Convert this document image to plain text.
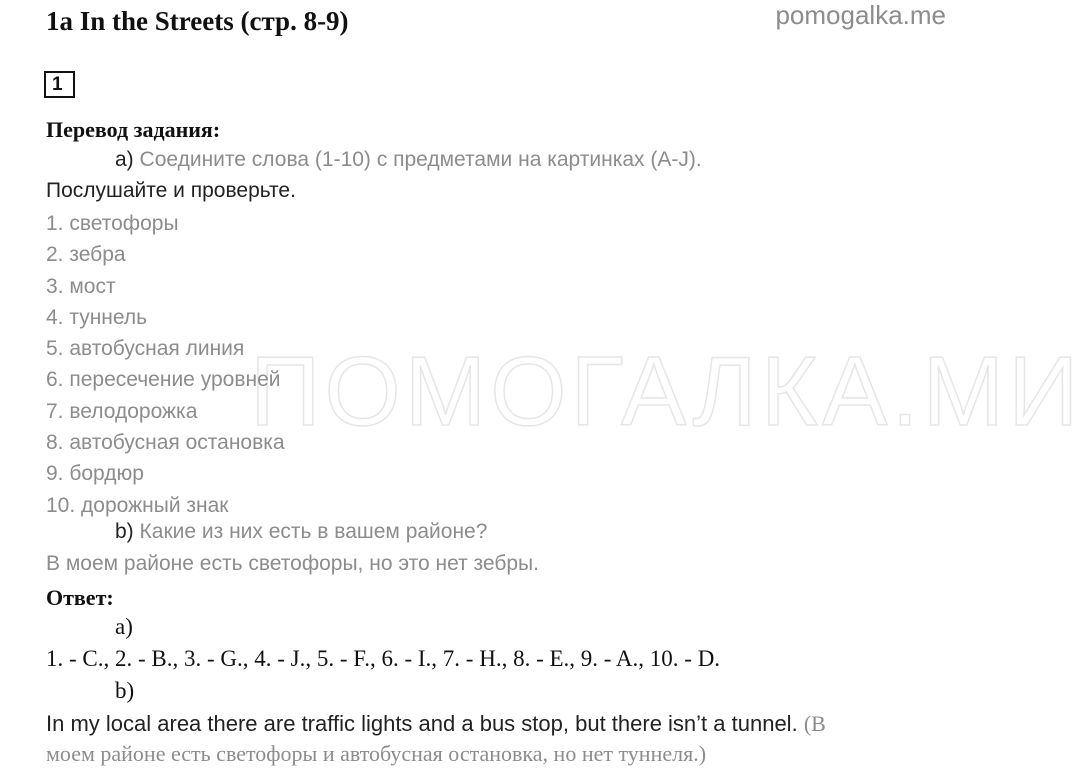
ПОМОГАЛКА.МИ
1a In the Streets (стр. 8-9)	pomogalka.me
1
Перевод задания:
а) Соедините слова (1-10) с предметами на картинках (A-J).
Послушайте и проверьте.
1. светофоры
2. зебра
3. мост
4. туннель
5. автобусная линия
6. пересечение уровней
7. велодорожка
8. автобусная остановка
9. бордюр
10. дорожный знак
b) Какие из них есть в вашем районе?
В моем районе есть светофоры, но это нет зебры.
Ответ:
a)
1. - C., 2. - B., 3. - G., 4. - J., 5. - F., 6. - I., 7. - H., 8. - E., 9. - A., 10. - D.
b)
In my local area there are traffic lights and a bus stop, but there isn’t a tunnel. (В
моем районе есть светофоры и автобусная остановка, но нет туннеля.)
